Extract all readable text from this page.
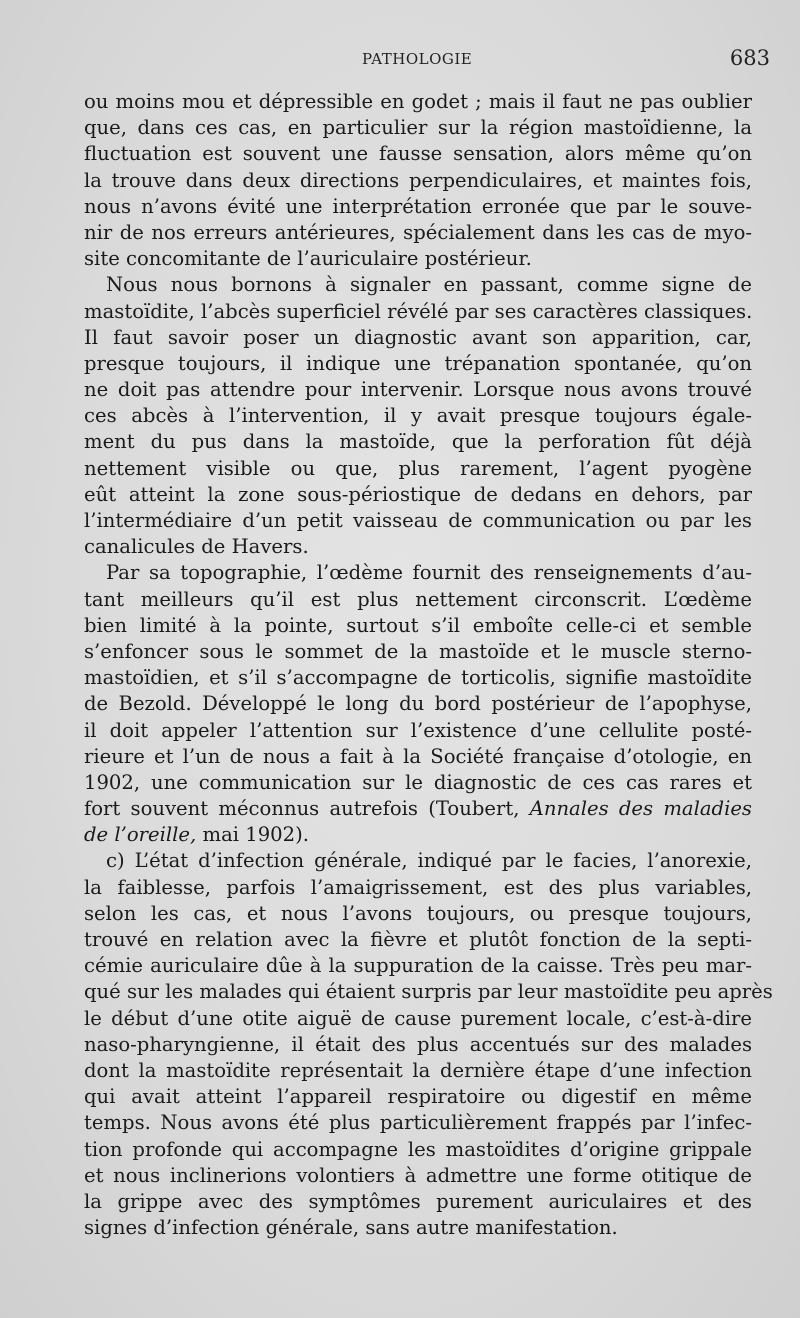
PATHOLOGIE	683
ou moins mou et dépressible en godet ; mais il faut ne pas oublier
que, dans ces cas, en particulier sur la région mastoïdienne, la
fluctuation est souvent une fausse sensation, alors même qu’on
la trouve dans deux directions perpendiculaires, et maintes fois,
nous n’avons évité une interprétation erronée que par le souve-
nir de nos erreurs antérieures, spécialement dans les cas de myo-
site concomitante de l’auriculaire postérieur.
Nous nous bornons à signaler en passant, comme signe de
mastoïdite, l’abcès superficiel révélé par ses caractères classiques.
Il faut savoir poser un diagnostic avant son apparition, car,
presque toujours, il indique une trépanation spontanée, qu’on
ne doit pas attendre pour intervenir. Lorsque nous avons trouvé
ces abcès à l’intervention, il y avait presque toujours égale-
ment du pus dans la mastoïde, que la perforation fût déjà
nettement visible ou que, plus rarement, l’agent pyogène
eût atteint la zone sous-périostique de dedans en dehors, par
l’intermédiaire d’un petit vaisseau de communication ou par les
canalicules de Havers.
Par sa topographie, l’œdème fournit des renseignements d’au-
tant meilleurs qu’il est plus nettement circonscrit. L’œdème
bien limité à la pointe, surtout s’il emboîte celle-ci et semble
s’enfoncer sous le sommet de la mastoïde et le muscle sterno-
mastoïdien, et s’il s’accompagne de torticolis, signifie mastoïdite
de Bezold. Développé le long du bord postérieur de l’apophyse,
il doit appeler l’attention sur l’existence d’une cellulite posté-
rieure et l’un de nous a fait à la Société française d’otologie, en
1902, une communication sur le diagnostic de ces cas rares et
fort souvent méconnus autrefois (Toubert, Annales des maladies
de l’oreille, mai 1902).
c) L’état d’infection générale, indiqué par le facies, l’anorexie,
la faiblesse, parfois l’amaigrissement, est des plus variables,
selon les cas, et nous l’avons toujours, ou presque toujours,
trouvé en relation avec la fièvre et plutôt fonction de la septi-
cémie auriculaire dûe à la suppuration de la caisse. Très peu mar-
qué sur les malades qui étaient surpris par leur mastoïdite peu après
le début d’une otite aiguë de cause purement locale, c’est-à-dire
naso-pharyngienne, il était des plus accentués sur des malades
dont la mastoïdite représentait la dernière étape d’une infection
qui avait atteint l’appareil respiratoire ou digestif en même
temps. Nous avons été plus particulièrement frappés par l’infec-
tion profonde qui accompagne les mastoïdites d’origine grippale
et nous inclinerions volontiers à admettre une forme otitique de
la grippe avec des symptômes purement auriculaires et des
signes d’infection générale, sans autre manifestation.
